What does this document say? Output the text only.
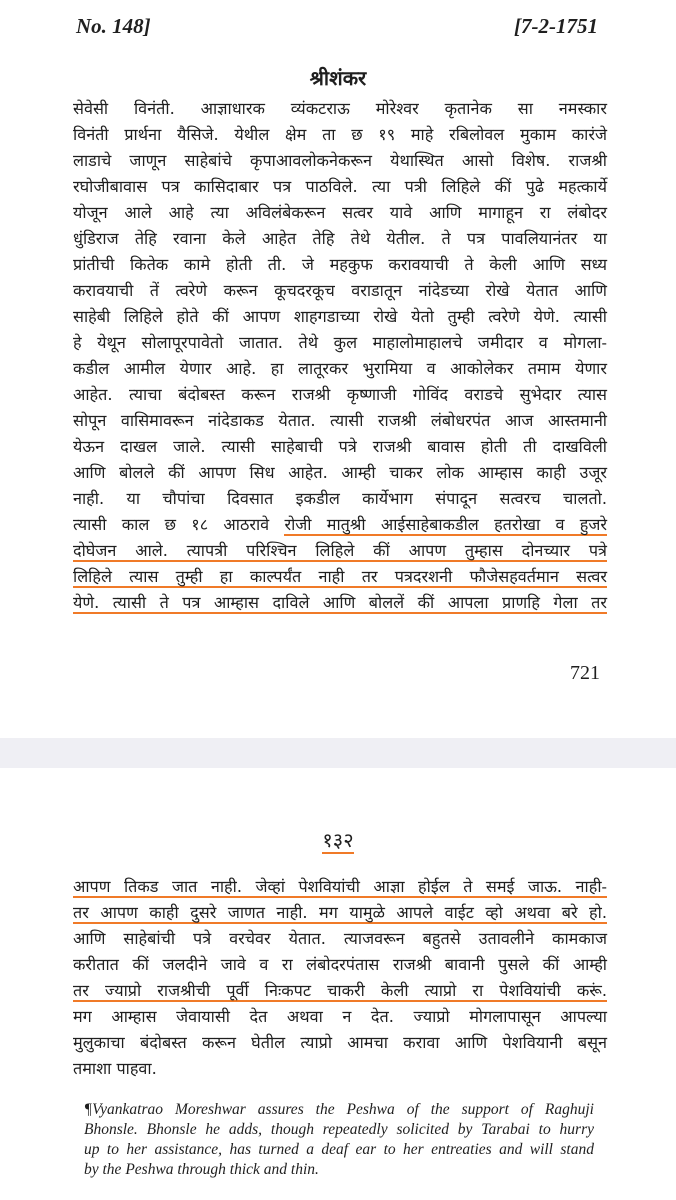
No. 148]	[7-2-1751
श्रीशंकर
सेवेसी विनंती. आज्ञाधारक व्यंकटराऊ मोरेश्वर कृतानेक सा नमस्कार
विनंती प्रार्थना यैसिजे. येथील क्षेम ता छ १९ माहे रबिलोवल मुकाम कारंजे
लाडाचे जाणून साहेबांचे कृपाआवलोकनेकरून येथास्थित आसो विशेष. राजश्री
रघोजीबावास पत्र कासिदाबार पत्र पाठविले. त्या पत्री लिहिले कीं पुढे महत्कार्ये
योजून आले आहे त्या अविलंबेकरून सत्वर यावे आणि मागाहून रा लंबोदर
धुंडिराज तेहि रवाना केले आहेत तेहि तेथे येतील. ते पत्र पावलियानंतर या
प्रांतीची कितेक कामे होती ती. जे महकुफ करावयाची ते केली आणि सध्य
करावयाची तें त्वरेणे करून कूचदरकूच वराडातून नांदेडच्या रोखे येतात आणि
साहेबी लिहिले होते कीं आपण शाहगडाच्या रोखे येतो तुम्ही त्वरेणे येणे. त्यासी
हे येथून सोलापूरपावेतो जातात. तेथे कुल माहालोमाहालचे जमीदार व मोगला-
कडील आमील येणार आहे. हा लातूरकर भुरामिया व आकोलेकर तमाम येणार
आहेत. त्याचा बंदोबस्त करून राजश्री कृष्णाजी गोविंद वराडचे सुभेदार त्यास
सोपून वासिमावरून नांदेडाकड येतात. त्यासी राजश्री लंबोधरपंत आज आस्तमानी
येऊन दाखल जाले. त्यासी साहेबाची पत्रे राजश्री बावास होती ती दाखविली
आणि बोलले कीं आपण सिध आहेत. आम्ही चाकर लोक आम्हास काही उजूर
नाही. या चौपांचा दिवसात इकडील कार्येभाग संपादून सत्वरच चालतो.
त्यासी काल छ १८ आठरावे रोजी मातुश्री आईसाहेबाकडील हतरोखा व हुजरे
दोघेजन आले. त्यापत्री परिश्चिन लिहिले कीं आपण तुम्हास दोनच्यार पत्रे
लिहिले त्यास तुम्ही हा काल्पर्यंत नाही तर पत्रदरशनी फौजेसहवर्तमान सत्वर
येणे. त्यासी ते पत्र आम्हास दाविले आणि बोललें कीं आपला प्राणहि गेला तर
721
१३२
आपण तिकड जात नाही. जेव्हां पेशवियांची आज्ञा होईल ते समई जाऊ. नाही-
तर आपण काही दुसरे जाणत नाही. मग यामुळे आपले वाईट व्हो अथवा बरे हो.
आणि साहेबांची पत्रे वरचेवर येतात. त्याजवरून बहुतसे उतावलीने कामकाज
करीतात कीं जलदीने जावे व रा लंबोदरपंतास राजश्री बावानी पुसले कीं आम्ही
तर ज्याप्रो राजश्रीची पूर्वी निःकपट चाकरी केली त्याप्रो रा पेशवियांची करूं.
मग आम्हास जेवायासी देत अथवा न देत. ज्याप्रो मोगलापासून आपल्या
मुलुकाचा बंदोबस्त करून घेतील त्याप्रो आमचा करावा आणि पेशवियानी बसून
तमाशा पाहवा.
¶Vyankatrao Moreshwar assures the Peshwa of the support of Raghuji
Bhonsle. Bhonsle he adds, though repeatedly solicited by Tarabai to hurry
up to her assistance, has turned a deaf ear to her entreaties and will stand
by the Peshwa through thick and thin.
